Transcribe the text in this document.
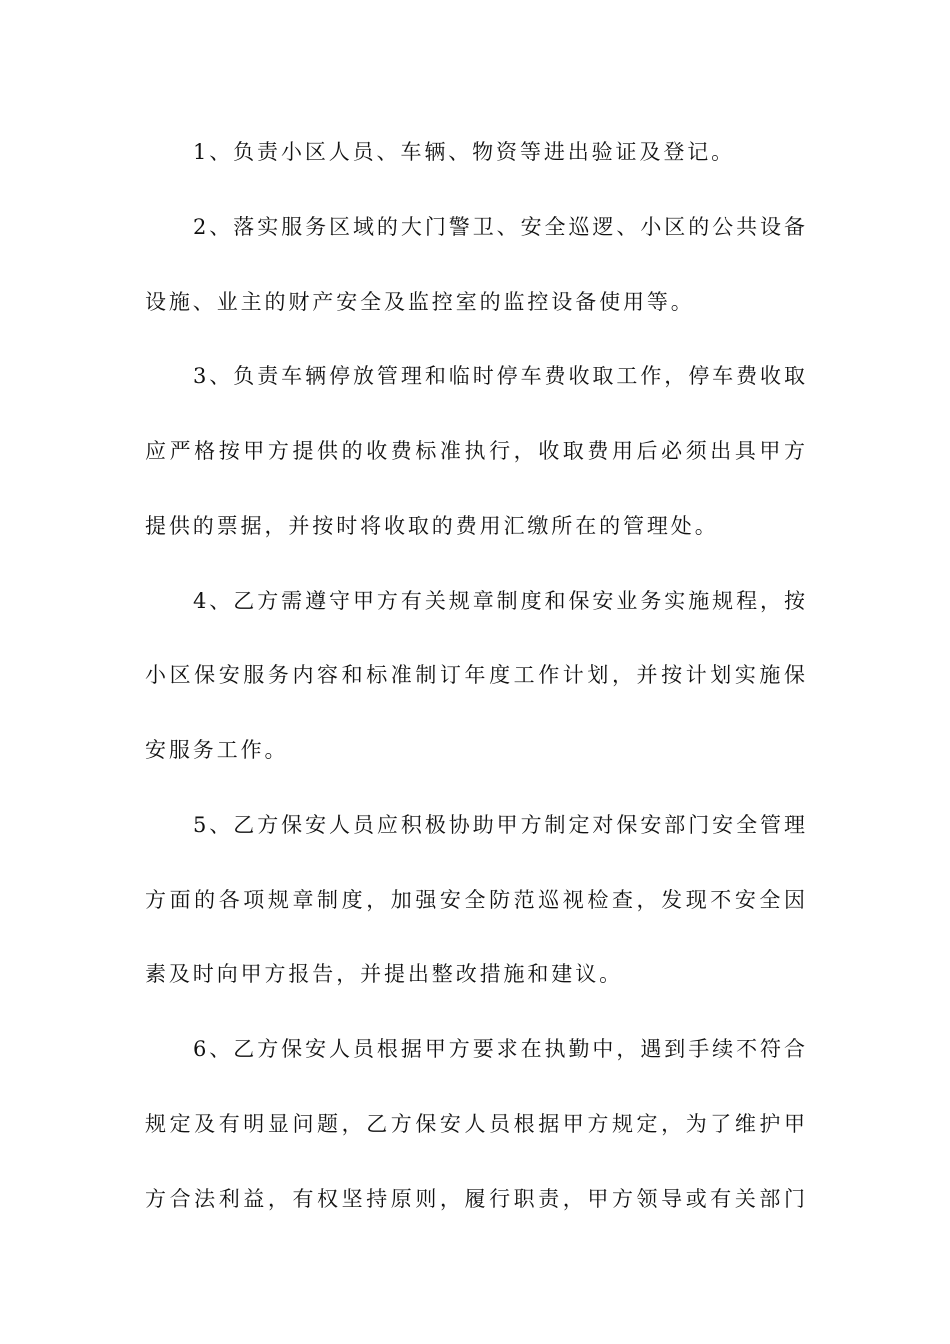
1、负责小区人员、车辆、物资等进出验证及登记。
2、落实服务区域的大门警卫、安全巡逻、小区的公共设备
设施、业主的财产安全及监控室的监控设备使用等。
3、负责车辆停放管理和临时停车费收取工作，停车费收取
应严格按甲方提供的收费标准执行，收取费用后必须出具甲方
提供的票据，并按时将收取的费用汇缴所在的管理处。
4、乙方需遵守甲方有关规章制度和保安业务实施规程，按
小区保安服务内容和标准制订年度工作计划，并按计划实施保
安服务工作。
5、乙方保安人员应积极协助甲方制定对保安部门安全管理
方面的各项规章制度，加强安全防范巡视检查，发现不安全因
素及时向甲方报告，并提出整改措施和建议。
6、乙方保安人员根据甲方要求在执勤中，遇到手续不符合
规定及有明显问题，乙方保安人员根据甲方规定，为了维护甲
方合法利益，有权坚持原则，履行职责，甲方领导或有关部门
